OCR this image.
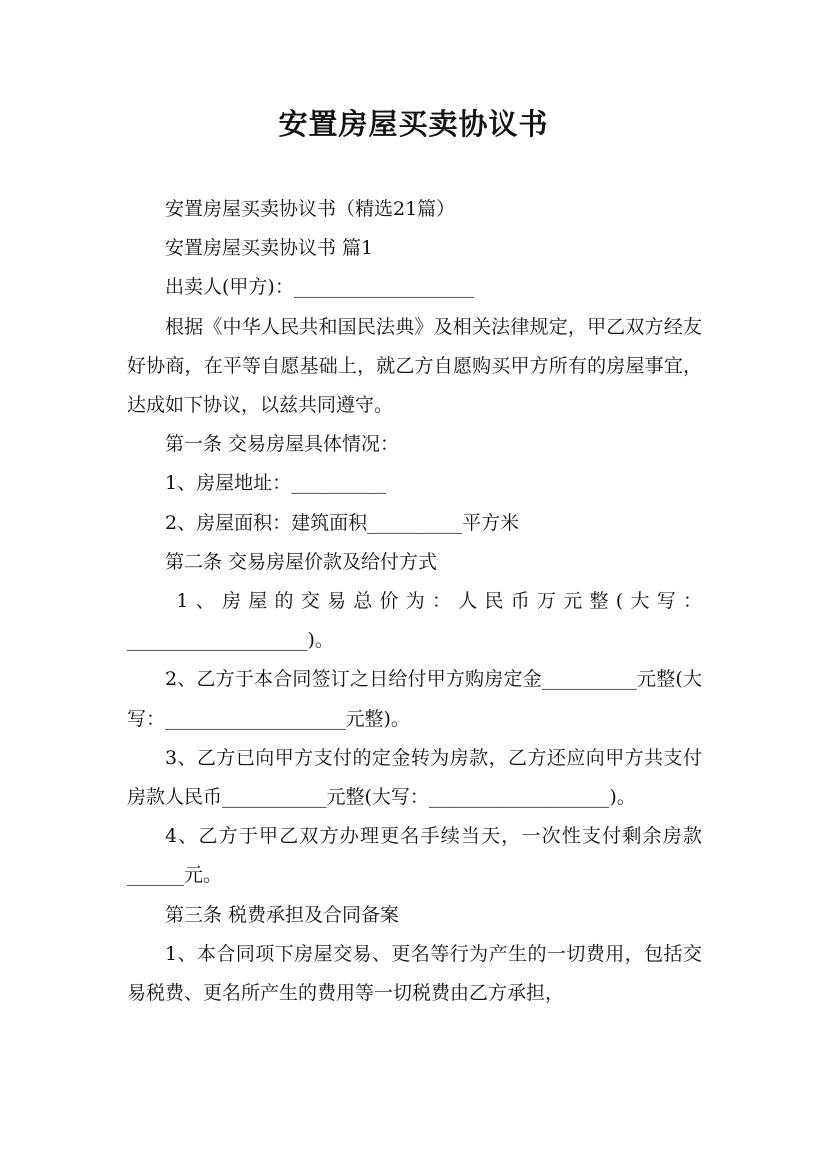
安置房屋买卖协议书

安置房屋买卖协议书（精选21篇）

安置房屋买卖协议书 篇1

出卖人(甲方)：___________________

根据《中华人民共和国民法典》及相关法律规定，甲乙双方经友好协商，在平等自愿基础上，就乙方自愿购买甲方所有的房屋事宜，达成如下协议，以兹共同遵守。

第一条 交易房屋具体情况：

1、房屋地址：__________

2、房屋面积：建筑面积__________平方米

第二条 交易房屋价款及给付方式

1、房屋的交易总价为：人民币万元整(大写：___________________)。

2、乙方于本合同签订之日给付甲方购房定金__________元整(大写：___________________元整)。

3、乙方已向甲方支付的定金转为房款，乙方还应向甲方共支付房款人民币___________元整(大写：___________________)。

4、乙方于甲乙双方办理更名手续当天，一次性支付剩余房款______元。

第三条 税费承担及合同备案

1、本合同项下房屋交易、更名等行为产生的一切费用，包括交易税费、更名所产生的费用等一切税费由乙方承担，
